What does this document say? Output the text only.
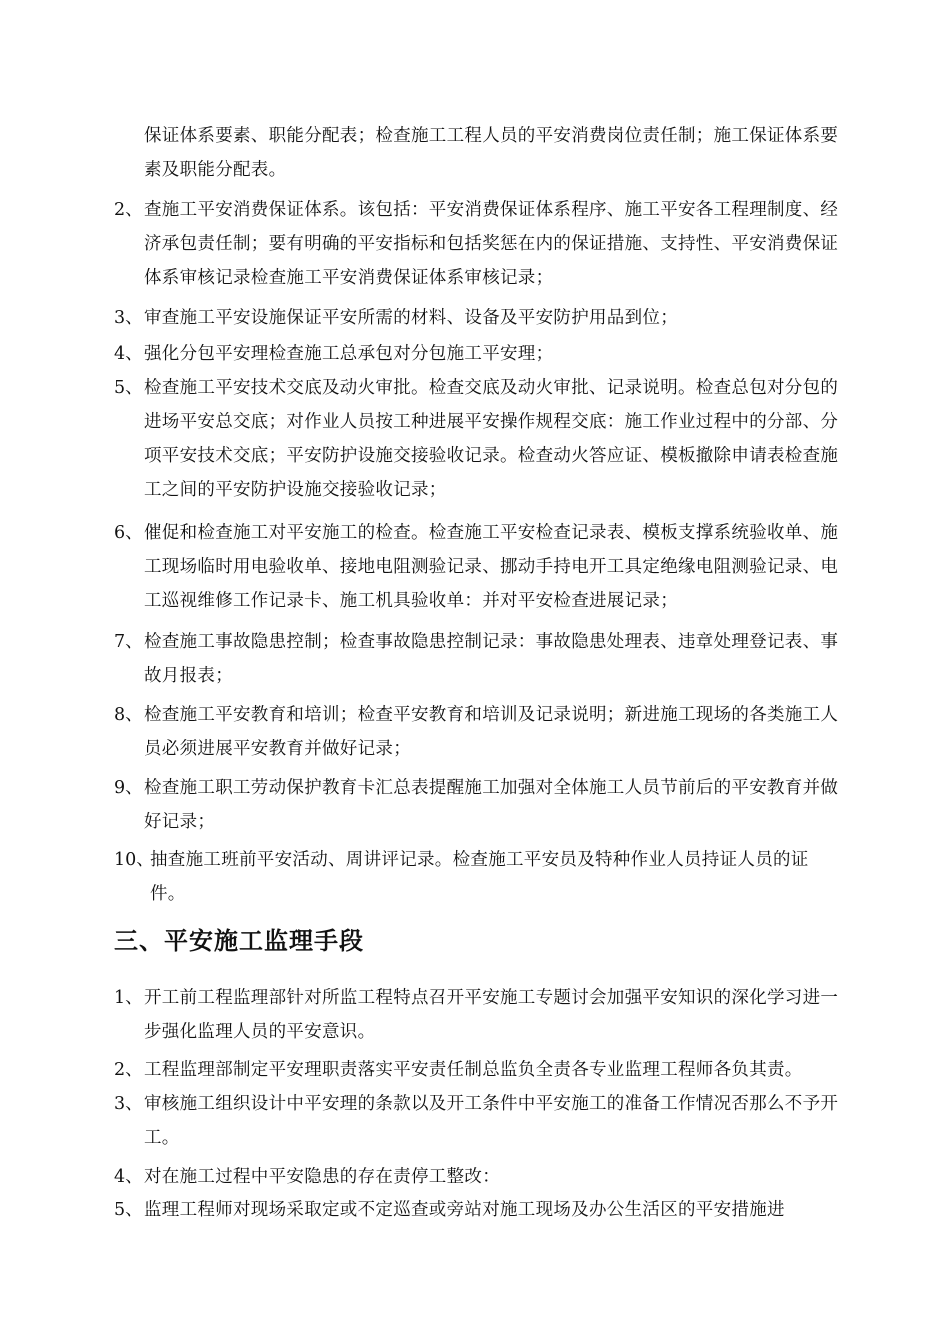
保证体系要素、职能分配表；检查施工工程人员的平安消费岗位责任制；施工保证体系要素及职能分配表。
2、 查施工平安消费保证体系。该包括：平安消费保证体系程序、施工平安各工程理制度、经济承包责任制；要有明确的平安指标和包括奖惩在内的保证措施、支持性、平安消费保证体系审核记录检查施工平安消费保证体系审核记录；
3、 审查施工平安设施保证平安所需的材料、设备及平安防护用品到位；
4、 强化分包平安理检查施工总承包对分包施工平安理；
5、 检查施工平安技术交底及动火审批。检查交底及动火审批、记录说明。检查总包对分包的进场平安总交底；对作业人员按工种进展平安操作规程交底：施工作业过程中的分部、分项平安技术交底；平安防护设施交接验收记录。检查动火答应证、模板撤除申请表检查施工之间的平安防护设施交接验收记录；
6、 催促和检查施工对平安施工的检查。检查施工平安检查记录表、模板支撑系统验收单、施工现场临时用电验收单、接地电阻测验记录、挪动手持电开工具定绝缘电阻测验记录、电工巡视维修工作记录卡、施工机具验收单：并对平安检查进展记录；
7、 检查施工事故隐患控制；检查事故隐患控制记录：事故隐患处理表、违章处理登记表、事故月报表；
8、 检查施工平安教育和培训；检查平安教育和培训及记录说明；新进施工现场的各类施工人员必须进展平安教育并做好记录；
9、 检查施工职工劳动保护教育卡汇总表提醒施工加强对全体施工人员节前后的平安教育并做好记录；
10、
抽查施工班前平安活动、周讲评记录。检查施工平安员及特种作业人员持证人员的证件。
三、平安施工监理手段
1、 开工前工程监理部针对所监工程特点召开平安施工专题讨会加强平安知识的深化学习进一步强化监理人员的平安意识。
2、 工程监理部制定平安理职责落实平安责任制总监负全责各专业监理工程师各负其责。
3、 审核施工组织设计中平安理的条款以及开工条件中平安施工的准备工作情况否那么不予开工。
4、 对在施工过程中平安隐患的存在责停工整改：
5、 监理工程师对现场采取定或不定巡查或旁站对施工现场及办公生活区的平安措施进
